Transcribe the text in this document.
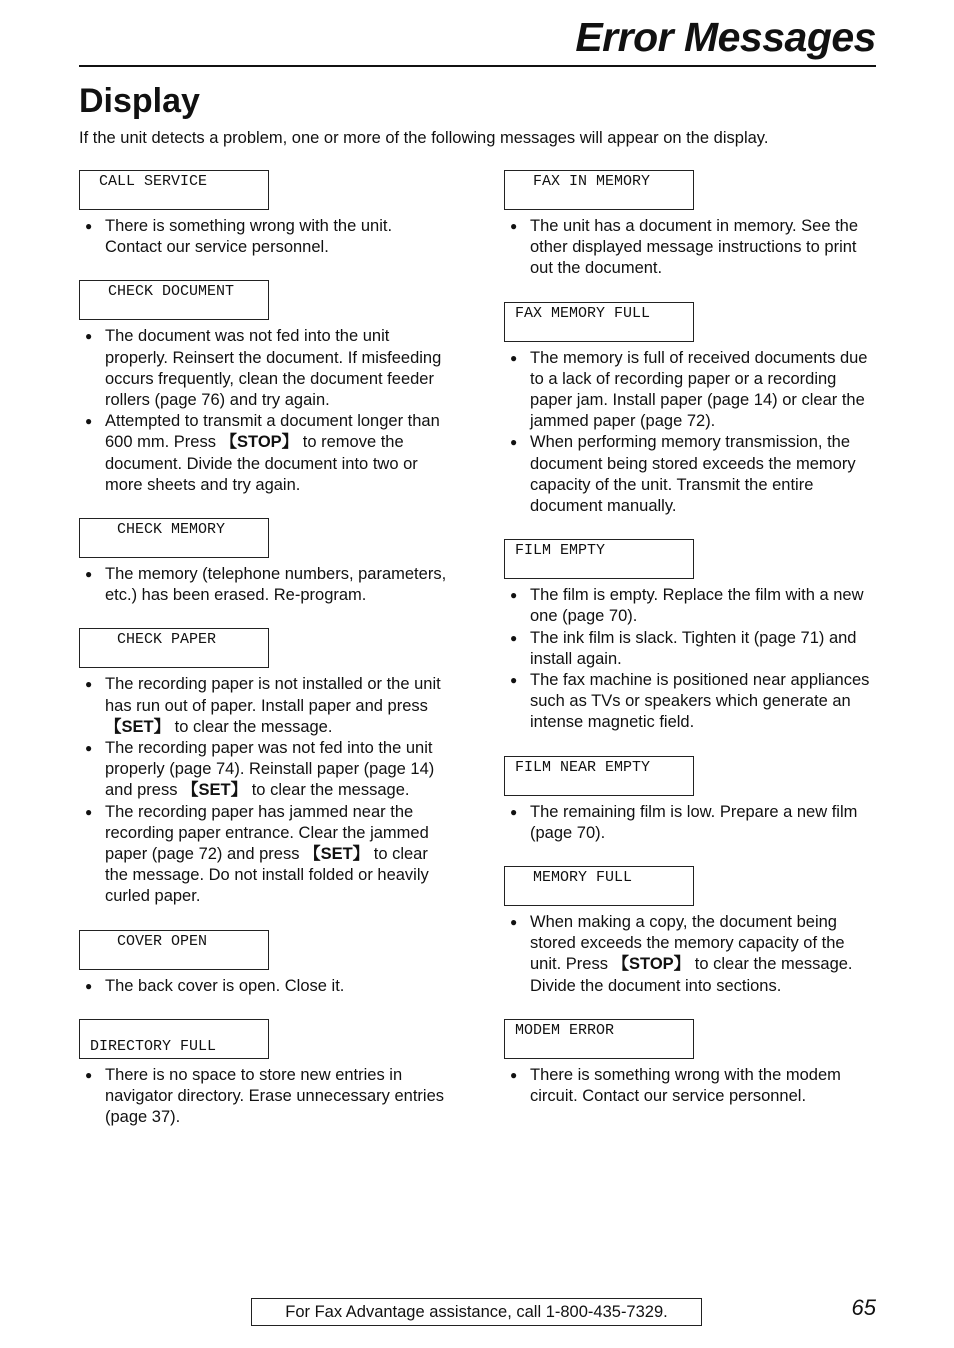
Error Messages
Display

If the unit detects a problem, one or more of the following messages will appear on the display.

CALL SERVICE
● There is something wrong with the unit. Contact our service personnel.
CHECK DOCUMENT
● The document was not fed into the unit properly. Reinsert the document. If misfeeding occurs frequently, clean the document feeder rollers (page 76) and try again.
● Attempted to transmit a document longer than 600 mm. Press 【STOP】 to remove the document. Divide the document into two or more sheets and try again.
CHECK MEMORY
● The memory (telephone numbers, parameters, etc.) has been erased. Re-program.
CHECK PAPER
● The recording paper is not installed or the unit has run out of paper. Install paper and press 【SET】 to clear the message.
● The recording paper was not fed into the unit properly (page 74). Reinstall paper (page 14) and press 【SET】 to clear the message.
● The recording paper has jammed near the recording paper entrance. Clear the jammed paper (page 72) and press 【SET】 to clear the message. Do not install folded or heavily curled paper.
COVER OPEN
● The back cover is open. Close it.
DIRECTORY FULL
● There is no space to store new entries in navigator directory. Erase unnecessary entries (page 37).
FAX IN MEMORY
● The unit has a document in memory. See the other displayed message instructions to print out the document.
FAX MEMORY FULL
● The memory is full of received documents due to a lack of recording paper or a recording paper jam. Install paper (page 14) or clear the jammed paper (page 72).
● When performing memory transmission, the document being stored exceeds the memory capacity of the unit. Transmit the entire document manually.
FILM EMPTY
● The film is empty. Replace the film with a new one (page 70).
● The ink film is slack. Tighten it (page 71) and install again.
● The fax machine is positioned near appliances such as TVs or speakers which generate an intense magnetic field.
FILM NEAR EMPTY
● The remaining film is low. Prepare a new film (page 70).
MEMORY FULL
● When making a copy, the document being stored exceeds the memory capacity of the unit. Press 【STOP】 to clear the message. Divide the document into sections.
MODEM ERROR
● There is something wrong with the modem circuit. Contact our service personnel.
For Fax Advantage assistance, call 1-800-435-7329.	65
